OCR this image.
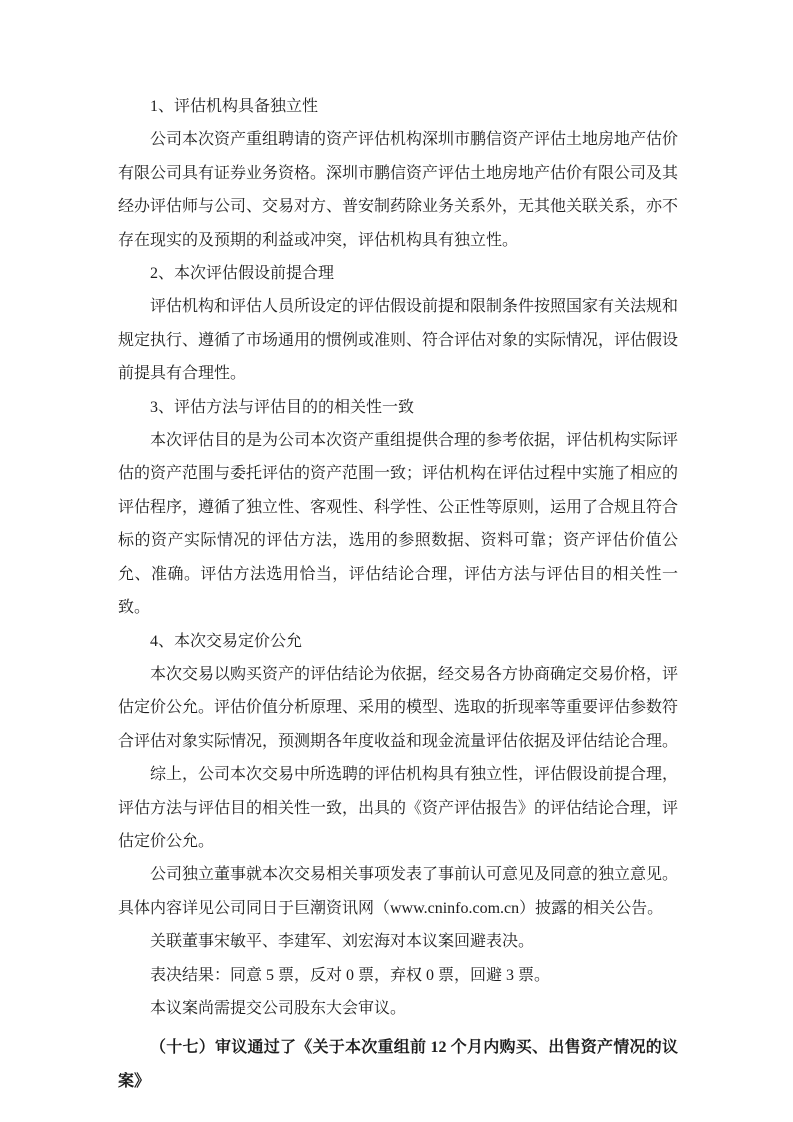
1、评估机构具备独立性

公司本次资产重组聘请的资产评估机构深圳市鹏信资产评估土地房地产估价有限公司具有证券业务资格。深圳市鹏信资产评估土地房地产估价有限公司及其经办评估师与公司、交易对方、普安制药除业务关系外，无其他关联关系，亦不存在现实的及预期的利益或冲突，评估机构具有独立性。

2、本次评估假设前提合理

评估机构和评估人员所设定的评估假设前提和限制条件按照国家有关法规和规定执行、遵循了市场通用的惯例或准则、符合评估对象的实际情况，评估假设前提具有合理性。

3、评估方法与评估目的的相关性一致

本次评估目的是为公司本次资产重组提供合理的参考依据，评估机构实际评估的资产范围与委托评估的资产范围一致；评估机构在评估过程中实施了相应的评估程序，遵循了独立性、客观性、科学性、公正性等原则，运用了合规且符合标的资产实际情况的评估方法，选用的参照数据、资料可靠；资产评估价值公允、准确。评估方法选用恰当，评估结论合理，评估方法与评估目的相关性一致。

4、本次交易定价公允

本次交易以购买资产的评估结论为依据，经交易各方协商确定交易价格，评估定价公允。评估价值分析原理、采用的模型、选取的折现率等重要评估参数符合评估对象实际情况，预测期各年度收益和现金流量评估依据及评估结论合理。

综上，公司本次交易中所选聘的评估机构具有独立性，评估假设前提合理，评估方法与评估目的相关性一致，出具的《资产评估报告》的评估结论合理，评估定价公允。

公司独立董事就本次交易相关事项发表了事前认可意见及同意的独立意见。具体内容详见公司同日于巨潮资讯网（www.cninfo.com.cn）披露的相关公告。

关联董事宋敏平、李建军、刘宏海对本议案回避表决。

表决结果：同意 5 票，反对 0 票，弃权 0 票，回避 3 票。

本议案尚需提交公司股东大会审议。

（十七）审议通过了《关于本次重组前 12 个月内购买、出售资产情况的议案》
